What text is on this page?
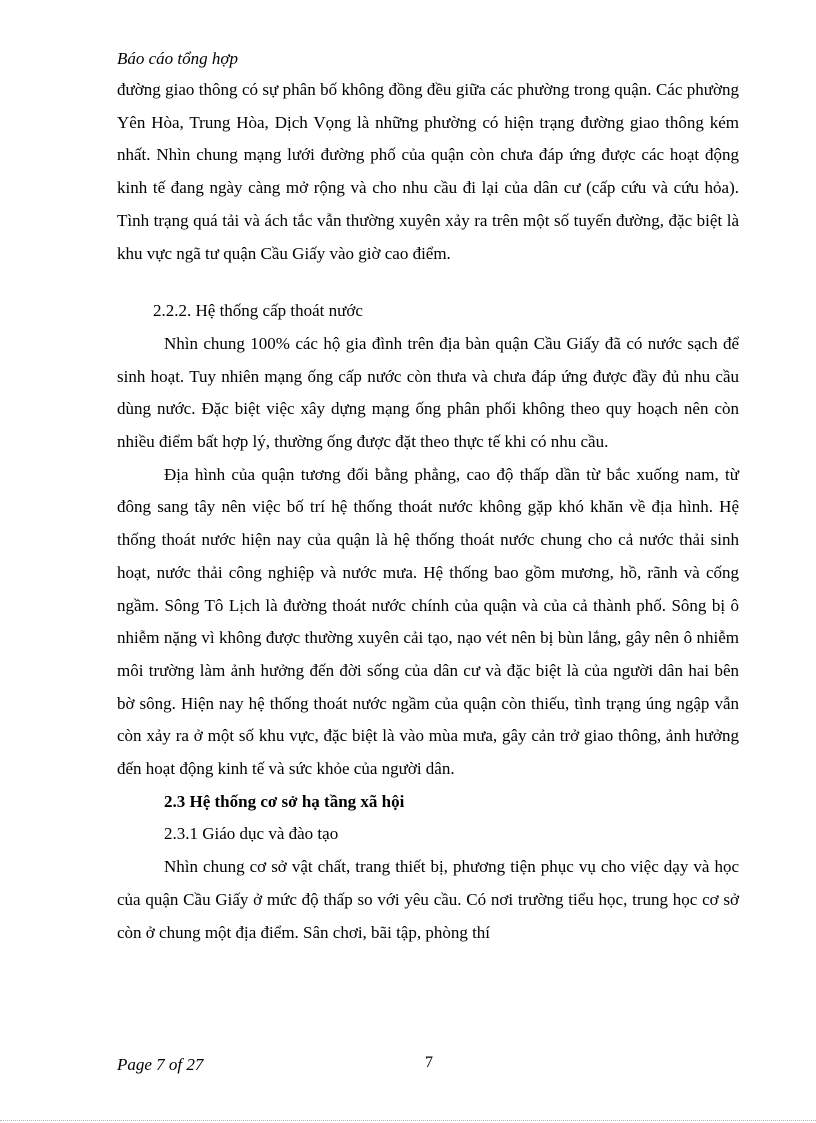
Báo cáo tổng hợp

đường giao thông có sự phân bố không đồng đều giữa các phường trong quận. Các phường Yên Hòa, Trung Hòa, Dịch Vọng là những phường có hiện trạng đường giao thông kém nhất. Nhìn chung mạng lưới đường phố của quận còn chưa đáp ứng được các hoạt động kinh tế đang ngày càng mở rộng và cho nhu cầu đi lại của dân cư (cấp cứu và cứu hỏa). Tình trạng quá tải và ách tắc vẫn thường xuyên xảy ra trên một số tuyến đường, đặc biệt là khu vực ngã tư quận Cầu Giấy vào giờ cao điểm.

2.2.2. Hệ thống cấp thoát nước

Nhìn chung 100% các hộ gia đình trên địa bàn quận Cầu Giấy đã có nước sạch để sinh hoạt. Tuy nhiên mạng ống cấp nước còn thưa và chưa đáp ứng được đầy đủ nhu cầu dùng nước. Đặc biệt việc xây dựng mạng ống phân phối không theo quy hoạch nên còn nhiều điểm bất hợp lý, thường ống được đặt theo thực tế khi có nhu cầu.

Địa hình của quận tương đối bằng phẳng, cao độ thấp dần từ bắc xuống nam, từ đông sang tây nên việc bố trí hệ thống thoát nước không gặp khó khăn về địa hình. Hệ thống thoát nước hiện nay của quận là hệ thống thoát nước chung cho cả nước thải sinh hoạt, nước thải công nghiệp và nước mưa. Hệ thống bao gồm mương, hồ, rãnh và cống ngầm. Sông Tô Lịch là đường thoát nước chính của quận và của cả thành phố. Sông bị ô nhiễm nặng vì không được thường xuyên cải tạo, nạo vét nên bị bùn lắng, gây nên ô nhiễm môi trường làm ảnh hưởng đến đời sống của dân cư và đặc biệt là của người dân hai bên bờ sông. Hiện nay hệ thống thoát nước ngầm của quận còn thiếu, tình trạng úng ngập vẫn còn xảy ra ở một số khu vực, đặc biệt là vào mùa mưa, gây cản trở giao thông, ảnh hưởng đến hoạt động kinh tế và sức khỏe của người dân.

2.3 Hệ thống cơ sở hạ tầng xã hội

2.3.1 Giáo dục và đào tạo

Nhìn chung cơ sở vật chất, trang thiết bị, phương tiện phục vụ cho việc dạy và học của quận Cầu Giấy ở mức độ thấp so với yêu cầu. Có nơi trường tiểu học, trung học cơ sở còn ở chung một địa điểm. Sân chơi, bãi tập, phòng thí

Page 7 of 27	7
